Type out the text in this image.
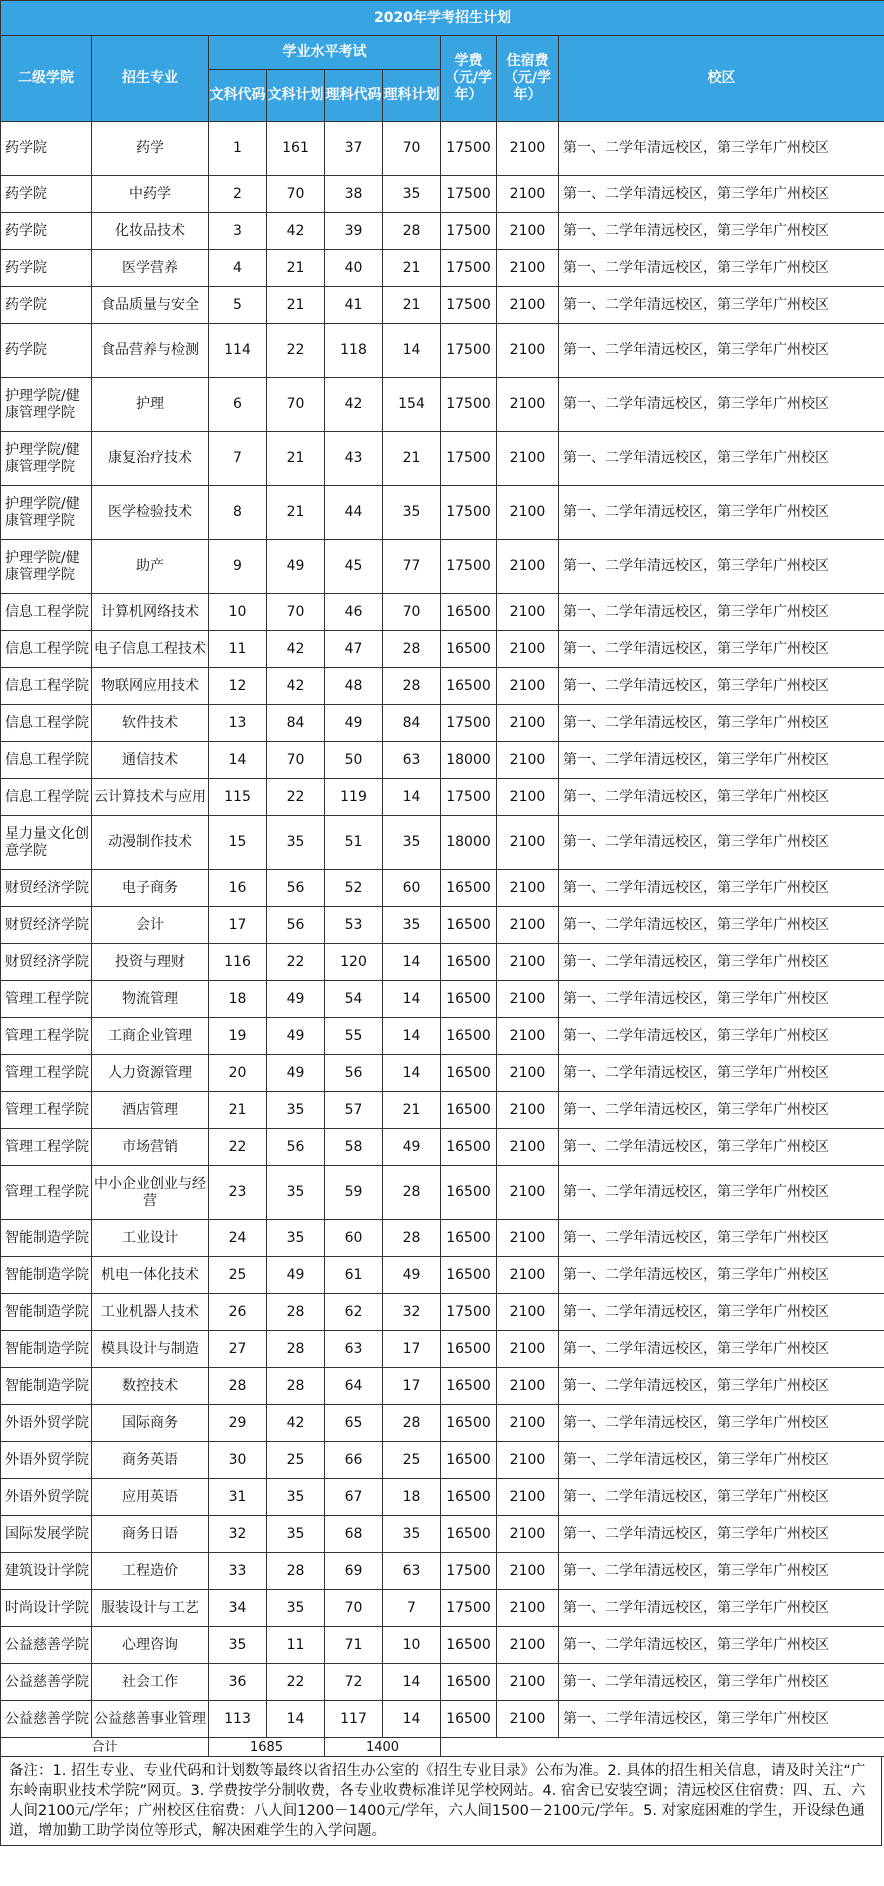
2020年学考招生计划								
二级学院	招生专业	学业水平考试				学费（元/学年）	住宿费（元/学年）	校区
		文科代码	文科计划	理科代码	理科计划			
药学院	药学	1	161	37	70	17500	2100	第一、二学年清远校区，第三学年广州校区
药学院	中药学	2	70	38	35	17500	2100	第一、二学年清远校区，第三学年广州校区
药学院	化妆品技术	3	42	39	28	17500	2100	第一、二学年清远校区，第三学年广州校区
药学院	医学营养	4	21	40	21	17500	2100	第一、二学年清远校区，第三学年广州校区
药学院	食品质量与安全	5	21	41	21	17500	2100	第一、二学年清远校区，第三学年广州校区
药学院	食品营养与检测	114	22	118	14	17500	2100	第一、二学年清远校区，第三学年广州校区
护理学院/健康管理学院	护理	6	70	42	154	17500	2100	第一、二学年清远校区，第三学年广州校区
护理学院/健康管理学院	康复治疗技术	7	21	43	21	17500	2100	第一、二学年清远校区，第三学年广州校区
护理学院/健康管理学院	医学检验技术	8	21	44	35	17500	2100	第一、二学年清远校区，第三学年广州校区
护理学院/健康管理学院	助产	9	49	45	77	17500	2100	第一、二学年清远校区，第三学年广州校区
信息工程学院	计算机网络技术	10	70	46	70	16500	2100	第一、二学年清远校区，第三学年广州校区
信息工程学院	电子信息工程技术	11	42	47	28	16500	2100	第一、二学年清远校区，第三学年广州校区
信息工程学院	物联网应用技术	12	42	48	28	16500	2100	第一、二学年清远校区，第三学年广州校区
信息工程学院	软件技术	13	84	49	84	17500	2100	第一、二学年清远校区，第三学年广州校区
信息工程学院	通信技术	14	70	50	63	18000	2100	第一、二学年清远校区，第三学年广州校区
信息工程学院	云计算技术与应用	115	22	119	14	17500	2100	第一、二学年清远校区，第三学年广州校区
星力量文化创意学院	动漫制作技术	15	35	51	35	18000	2100	第一、二学年清远校区，第三学年广州校区
财贸经济学院	电子商务	16	56	52	60	16500	2100	第一、二学年清远校区，第三学年广州校区
财贸经济学院	会计	17	56	53	35	16500	2100	第一、二学年清远校区，第三学年广州校区
财贸经济学院	投资与理财	116	22	120	14	16500	2100	第一、二学年清远校区，第三学年广州校区
管理工程学院	物流管理	18	49	54	14	16500	2100	第一、二学年清远校区，第三学年广州校区
管理工程学院	工商企业管理	19	49	55	14	16500	2100	第一、二学年清远校区，第三学年广州校区
管理工程学院	人力资源管理	20	49	56	14	16500	2100	第一、二学年清远校区，第三学年广州校区
管理工程学院	酒店管理	21	35	57	21	16500	2100	第一、二学年清远校区，第三学年广州校区
管理工程学院	市场营销	22	56	58	49	16500	2100	第一、二学年清远校区，第三学年广州校区
管理工程学院	中小企业创业与经营	23	35	59	28	16500	2100	第一、二学年清远校区，第三学年广州校区
智能制造学院	工业设计	24	35	60	28	16500	2100	第一、二学年清远校区，第三学年广州校区
智能制造学院	机电一体化技术	25	49	61	49	16500	2100	第一、二学年清远校区，第三学年广州校区
智能制造学院	工业机器人技术	26	28	62	32	17500	2100	第一、二学年清远校区，第三学年广州校区
智能制造学院	模具设计与制造	27	28	63	17	16500	2100	第一、二学年清远校区，第三学年广州校区
智能制造学院	数控技术	28	28	64	17	16500	2100	第一、二学年清远校区，第三学年广州校区
外语外贸学院	国际商务	29	42	65	28	16500	2100	第一、二学年清远校区，第三学年广州校区
外语外贸学院	商务英语	30	25	66	25	16500	2100	第一、二学年清远校区，第三学年广州校区
外语外贸学院	应用英语	31	35	67	18	16500	2100	第一、二学年清远校区，第三学年广州校区
国际发展学院	商务日语	32	35	68	35	16500	2100	第一、二学年清远校区，第三学年广州校区
建筑设计学院	工程造价	33	28	69	63	17500	2100	第一、二学年清远校区，第三学年广州校区
时尚设计学院	服装设计与工艺	34	35	70	7	17500	2100	第一、二学年清远校区，第三学年广州校区
公益慈善学院	心理咨询	35	11	71	10	16500	2100	第一、二学年清远校区，第三学年广州校区
公益慈善学院	社会工作	36	22	72	14	16500	2100	第一、二学年清远校区，第三学年广州校区
公益慈善学院	公益慈善事业管理	113	14	117	14	16500	2100	第一、二学年清远校区，第三学年广州校区
合计		1685		1400				
备注：1. 招生专业、专业代码和计划数等最终以省招生办公室的《招生专业目录》公布为准。2. 具体的招生相关信息，请及时关注“广东岭南职业技术学院”网页。3. 学费按学分制收费，各专业收费标准详见学校网站。4. 宿舍已安装空调；清远校区住宿费：四、五、六人间2100元/学年；广州校区住宿费：八人间1200－1400元/学年，六人间1500－2100元/学年。5. 对家庭困难的学生，开设绿色通道，增加勤工助学岗位等形式，解决困难学生的入学问题。
